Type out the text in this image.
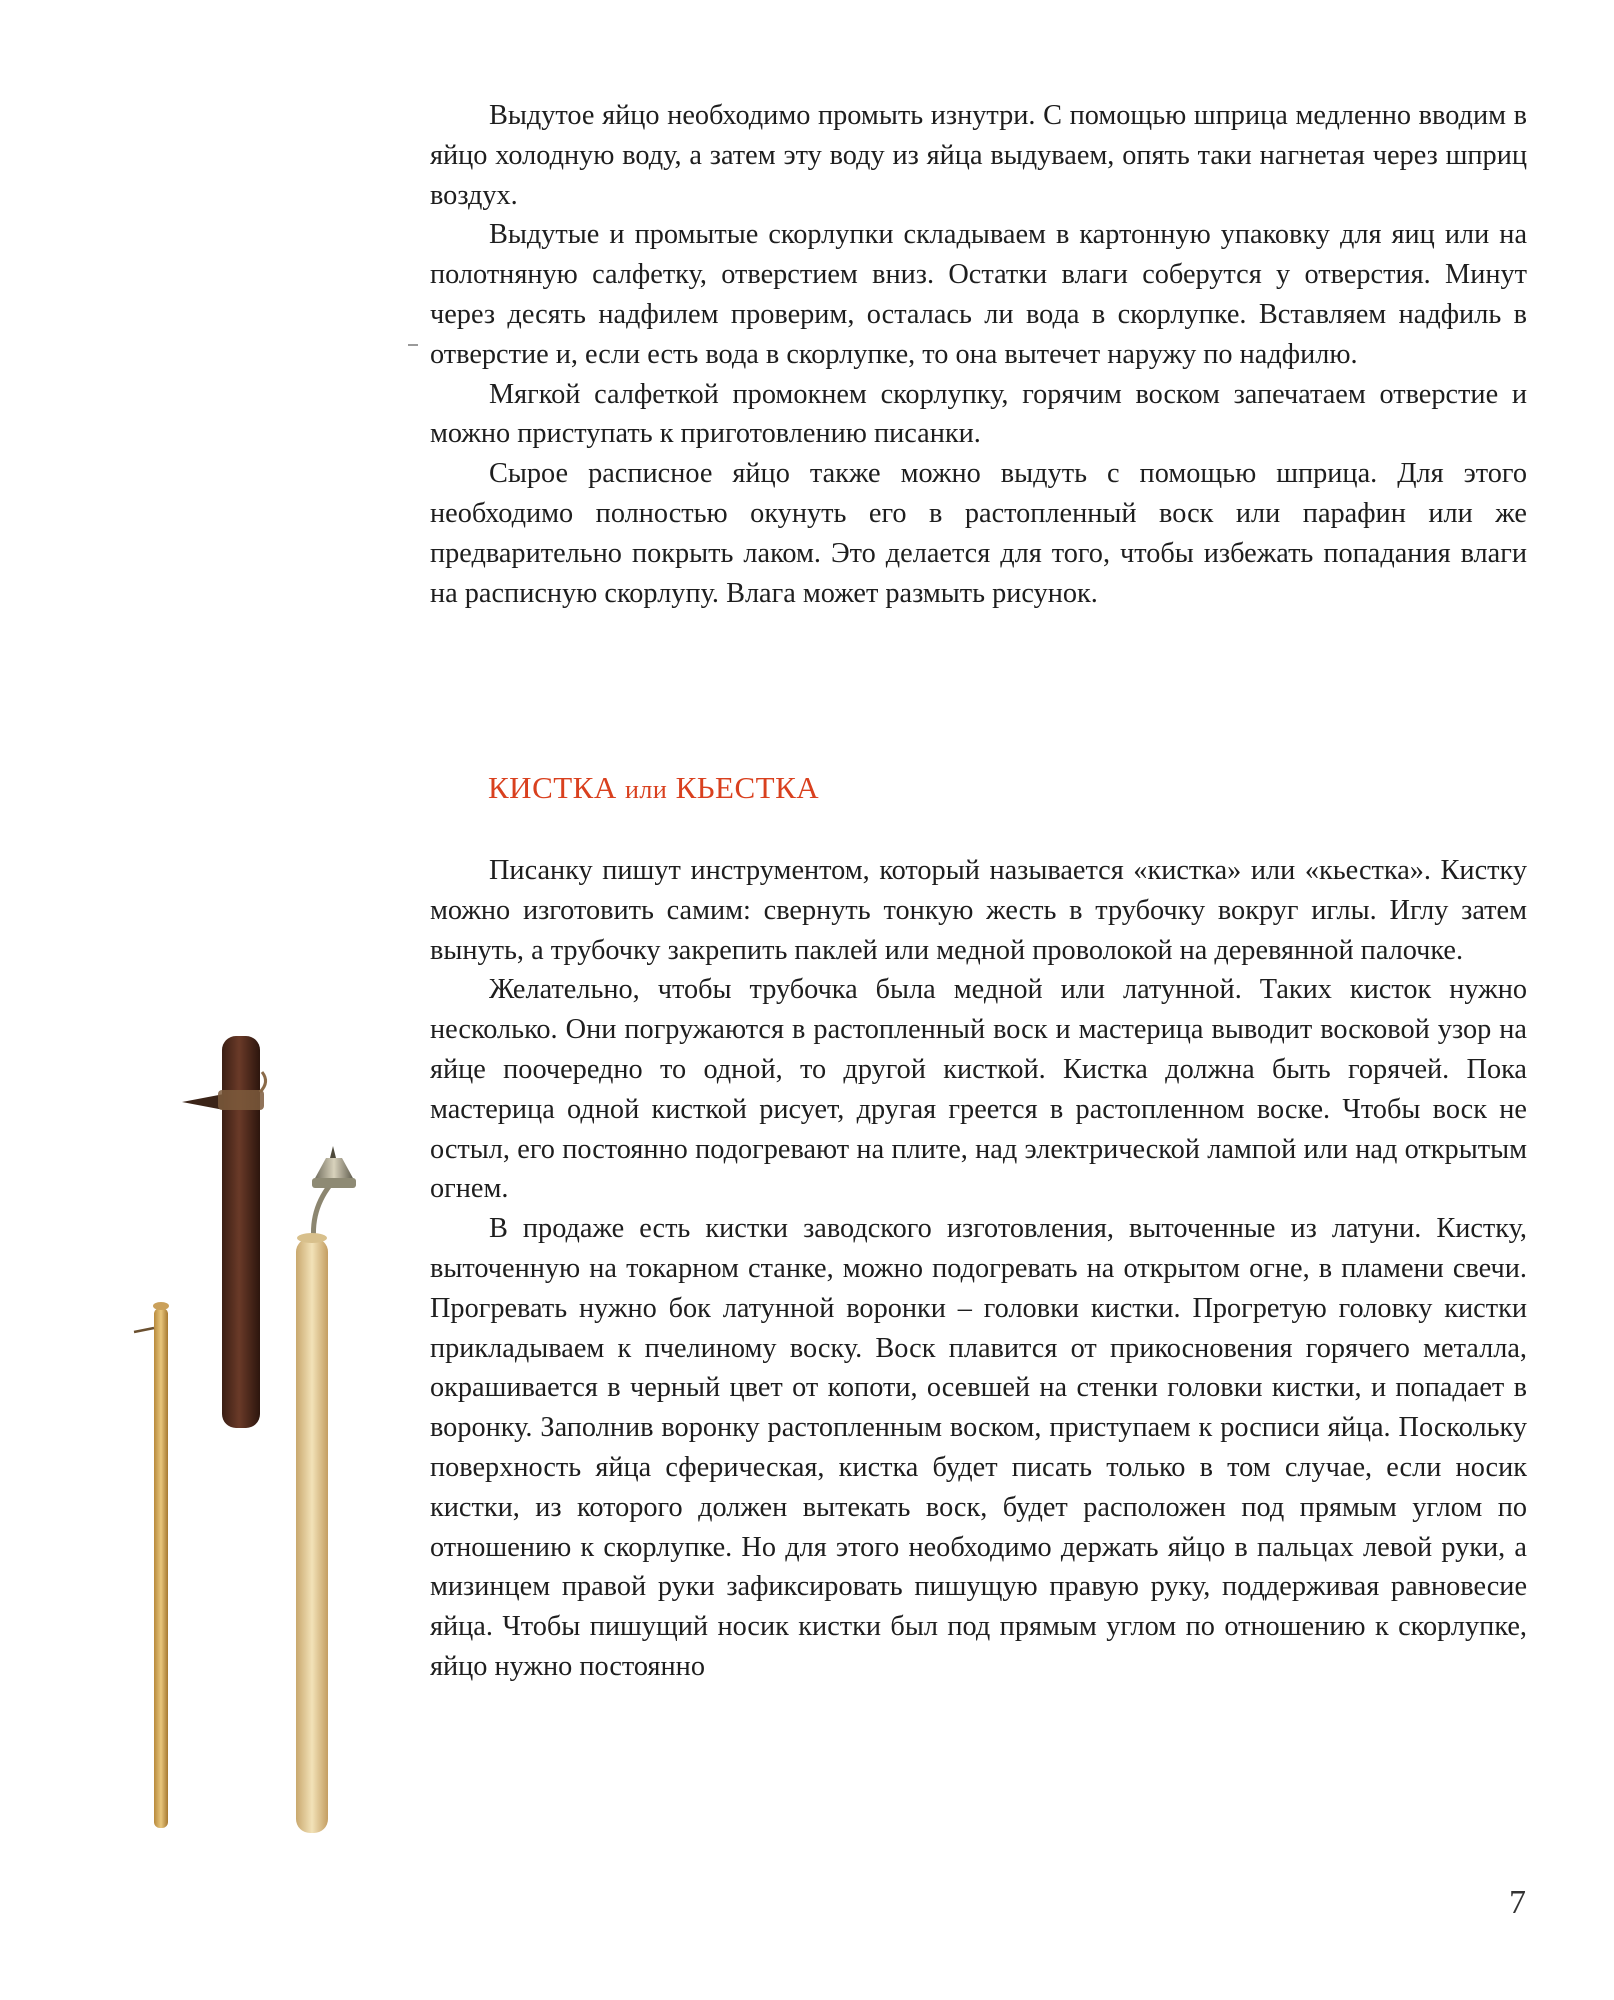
Выдутое яйцо необходимо промыть изнутри. С помощью шприца медленно вводим в яйцо холодную воду, а затем эту воду из яйца выдуваем, опять таки нагнетая через шприц воздух.

Выдутые и промытые скорлупки складываем в картонную упаковку для яиц или на полотняную салфетку, отверстием вниз. Остатки влаги соберутся у отверстия. Минут через десять надфилем проверим, осталась ли вода в скорлупке. Вставляем надфиль в отверстие и, если есть вода в скорлупке, то она вытечет наружу по надфилю.

Мягкой салфеткой промокнем скорлупку, горячим воском запечатаем отверстие и можно приступать к приготовлению писанки.

Сырое расписное яйцо также можно выдуть с помощью шприца. Для этого необходимо полностью окунуть его в растопленный воск или парафин или же предварительно покрыть лаком. Это делается для того, чтобы избежать попадания влаги на расписную скорлупу. Влага может размыть рисунок.

КИСТКА или КЬЕСТКА

Писанку пишут инструментом, который называется «кистка» или «кьестка». Кистку можно изготовить самим: свернуть тонкую жесть в трубочку вокруг иглы. Иглу затем вынуть, а трубочку закрепить паклей или медной проволокой на деревянной палочке.

Желательно, чтобы трубочка была медной или латунной. Таких кисток нужно несколько. Они погружаются в растопленный воск и мастерица выводит восковой узор на яйце поочередно то одной, то другой кисткой. Кистка должна быть горячей. Пока мастерица одной кисткой рисует, другая греется в растопленном воске. Чтобы воск не остыл, его постоянно подогревают на плите, над электрической лампой или над открытым огнем.

В продаже есть кистки заводского изготовления, выточенные из латуни. Кистку, выточенную на токарном станке, можно подогревать на открытом огне, в пламени свечи. Прогревать нужно бок латунной воронки – головки кистки. Прогретую головку кистки прикладываем к пчелиному воску. Воск плавится от прикосновения горячего металла, окрашивается в черный цвет от копоти, осевшей на стенки головки кистки, и попадает в воронку. Заполнив воронку растопленным воском, приступаем к росписи яйца. Поскольку поверхность яйца сферическая, кистка будет писать только в том случае, если носик кистки, из которого должен вытекать воск, будет расположен под прямым углом по отношению к скорлупке. Но для этого необходимо держать яйцо в пальцах левой руки, а мизинцем правой руки зафиксировать пишущую правую руку, поддерживая равновесие яйца. Чтобы пишущий носик кистки был под прямым углом по отношению к скорлупке, яйцо нужно постоянно

7
